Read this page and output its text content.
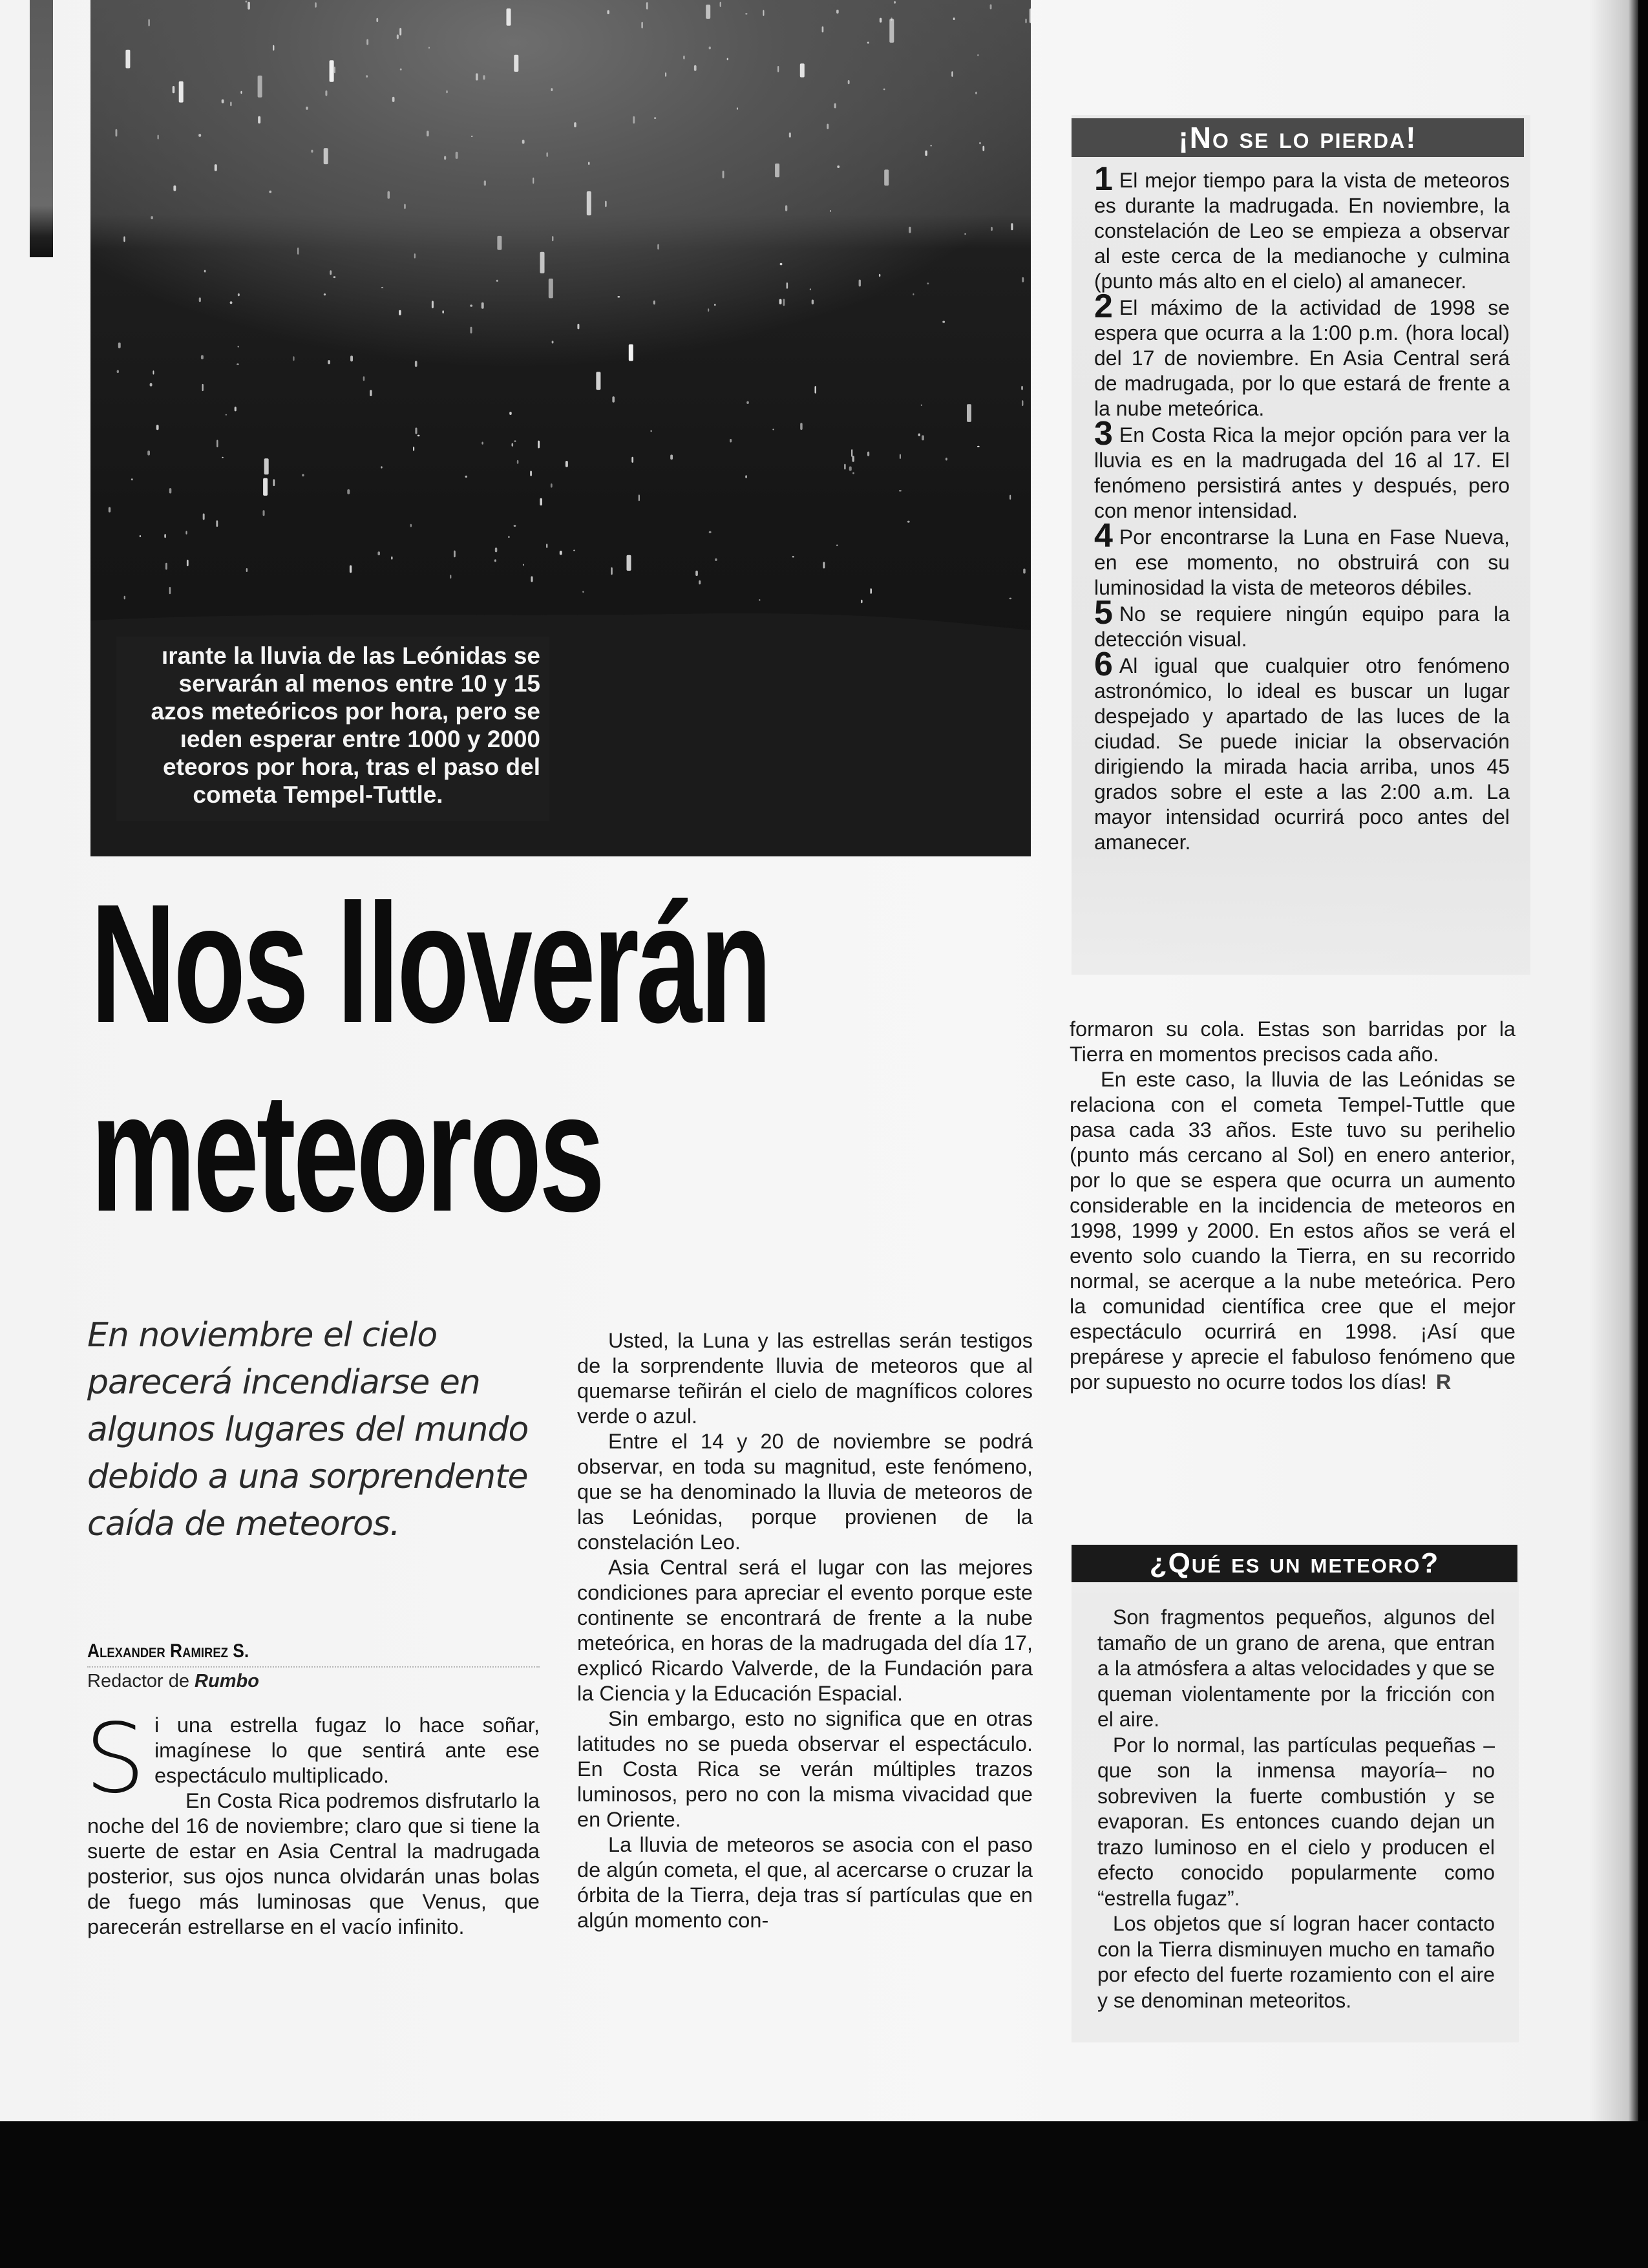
ırante la lluvia de las Leónidas se
servarán al menos entre 10 y 15
azos meteóricos por hora, pero se
ıeden esperar entre 1000 y 2000
eteoros por hora, tras el paso del
cometa Tempel-Tuttle.
Nos lloverán
meteoros
En noviembre el cielo parecerá incendiarse en algunos lugares del mundo debido a una sorprendente caída de meteoros.
Alexander Ramirez S.
Redactor de Rumbo

Si una estrella fugaz lo hace soñar, imagínese lo que sentirá ante ese espectáculo multiplicado.

En Costa Rica podremos disfrutarlo la noche del 16 de noviembre; claro que si tiene la suerte de estar en Asia Central la madrugada posterior, sus ojos nunca olvidarán unas bolas de fuego más luminosas que Venus, que parecerán estrellarse en el vacío infinito.

Usted, la Luna y las estrellas serán testigos de la sorprendente lluvia de meteoros que al quemarse teñirán el cielo de magníficos colores verde o azul.

Entre el 14 y 20 de noviembre se podrá observar, en toda su magnitud, este fenómeno, que se ha denominado la lluvia de meteoros de las Leónidas, porque provienen de la constelación Leo.

Asia Central será el lugar con las mejores condiciones para apreciar el evento porque este continente se encontrará de frente a la nube meteórica, en horas de la madrugada del día 17, explicó Ricardo Valverde, de la Fundación para la Ciencia y la Educación Espacial.

Sin embargo, esto no significa que en otras latitudes no se pueda observar el espectáculo. En Costa Rica se verán múltiples trazos luminosos, pero no con la misma vivacidad que en Oriente.

La lluvia de meteoros se asocia con el paso de algún cometa, el que, al acercarse o cruzar la órbita de la Tierra, deja tras sí partículas que en algún momento con-

formaron su cola. Estas son barridas por la Tierra en momentos precisos cada año.

En este caso, la lluvia de las Leónidas se relaciona con el cometa Tempel-Tuttle que pasa cada 33 años. Este tuvo su perihelio (punto más cercano al Sol) en enero anterior, por lo que se espera que ocurra un aumento considerable en la incidencia de meteoros en 1998, 1999 y 2000. En estos años se verá el evento solo cuando la Tierra, en su recorrido normal, se acerque a la nube meteórica. Pero la comunidad científica cree que el mejor espectáculo ocurrirá en 1998. ¡Así que prepárese y aprecie el fabuloso fenómeno que por supuesto no ocurre todos los días! R

¡No se lo pierda!

1 El mejor tiempo para la vista de meteoros es durante la madrugada. En noviembre, la constelación de Leo se empieza a observar al este cerca de la medianoche y culmina (punto más alto en el cielo) al amanecer.

2 El máximo de la actividad de 1998 se espera que ocurra a la 1:00 p.m. (hora local) del 17 de noviembre. En Asia Central será de madrugada, por lo que estará de frente a la nube meteórica.

3 En Costa Rica la mejor opción para ver la lluvia es en la madrugada del 16 al 17. El fenómeno persistirá antes y después, pero con menor intensidad.

4 Por encontrarse la Luna en Fase Nueva, en ese momento, no obstruirá con su luminosidad la vista de meteoros débiles.

5 No se requiere ningún equipo para la detección visual.

6 Al igual que cualquier otro fenómeno astronómico, lo ideal es buscar un lugar despejado y apartado de las luces de la ciudad. Se puede iniciar la observación dirigiendo la mirada hacia arriba, unos 45 grados sobre el este a las 2:00 a.m. La mayor intensidad ocurrirá poco antes del amanecer.

¿Qué es un meteoro?

Son fragmentos pequeños, algunos del tamaño de un grano de arena, que entran a la atmósfera a altas velocidades y que se queman violentamente por la fricción con el aire.

Por lo normal, las partículas pequeñas –que son la inmensa mayoría– no sobreviven la fuerte combustión y se evaporan. Es entonces cuando dejan un trazo luminoso en el cielo y producen el efecto conocido popularmente como “estrella fugaz”.

Los objetos que sí logran hacer contacto con la Tierra disminuyen mucho en tamaño por efecto del fuerte rozamiento con el aire y se denominan meteoritos.
